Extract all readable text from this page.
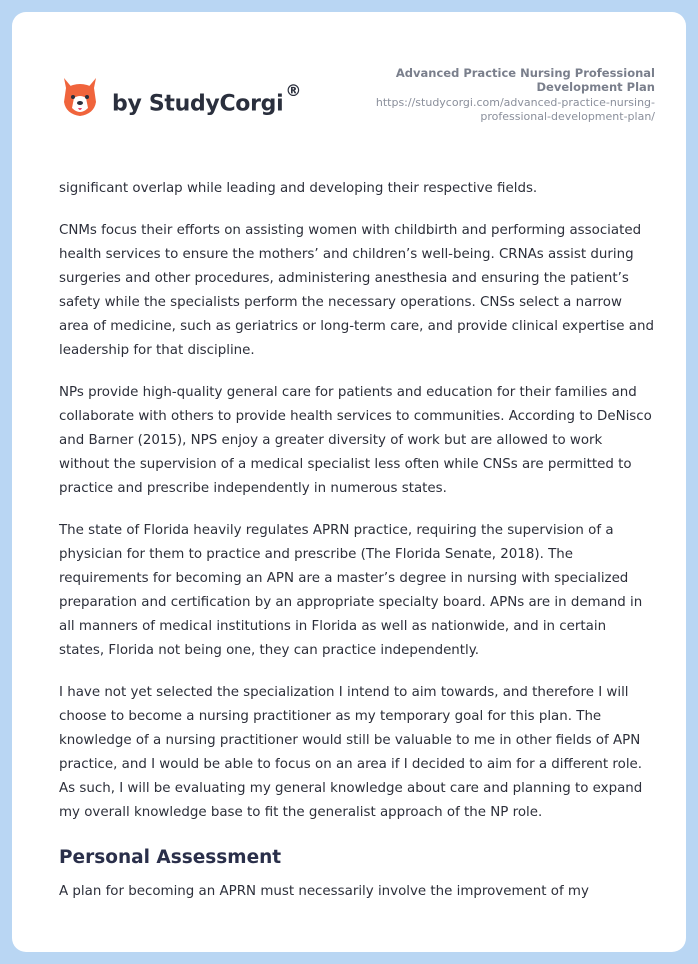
by StudyCorgi®
Advanced Practice Nursing Professional Development Plan
https://studycorgi.com/advanced-practice-nursing-professional-development-plan/

significant overlap while leading and developing their respective fields.

CNMs focus their efforts on assisting women with childbirth and performing associated health services to ensure the mothers’ and children’s well-being. CRNAs assist during surgeries and other procedures, administering anesthesia and ensuring the patient’s safety while the specialists perform the necessary operations. CNSs select a narrow area of medicine, such as geriatrics or long-term care, and provide clinical expertise and leadership for that discipline.

NPs provide high-quality general care for patients and education for their families and collaborate with others to provide health services to communities. According to DeNisco and Barner (2015), NPS enjoy a greater diversity of work but are allowed to work without the supervision of a medical specialist less often while CNSs are permitted to practice and prescribe independently in numerous states.

The state of Florida heavily regulates APRN practice, requiring the supervision of a physician for them to practice and prescribe (The Florida Senate, 2018). The requirements for becoming an APN are a master’s degree in nursing with specialized preparation and certification by an appropriate specialty board. APNs are in demand in all manners of medical institutions in Florida as well as nationwide, and in certain states, Florida not being one, they can practice independently.

I have not yet selected the specialization I intend to aim towards, and therefore I will choose to become a nursing practitioner as my temporary goal for this plan. The knowledge of a nursing practitioner would still be valuable to me in other fields of APN practice, and I would be able to focus on an area if I decided to aim for a different role. As such, I will be evaluating my general knowledge about care and planning to expand my overall knowledge base to fit the generalist approach of the NP role.

Personal Assessment

A plan for becoming an APRN must necessarily involve the improvement of my
